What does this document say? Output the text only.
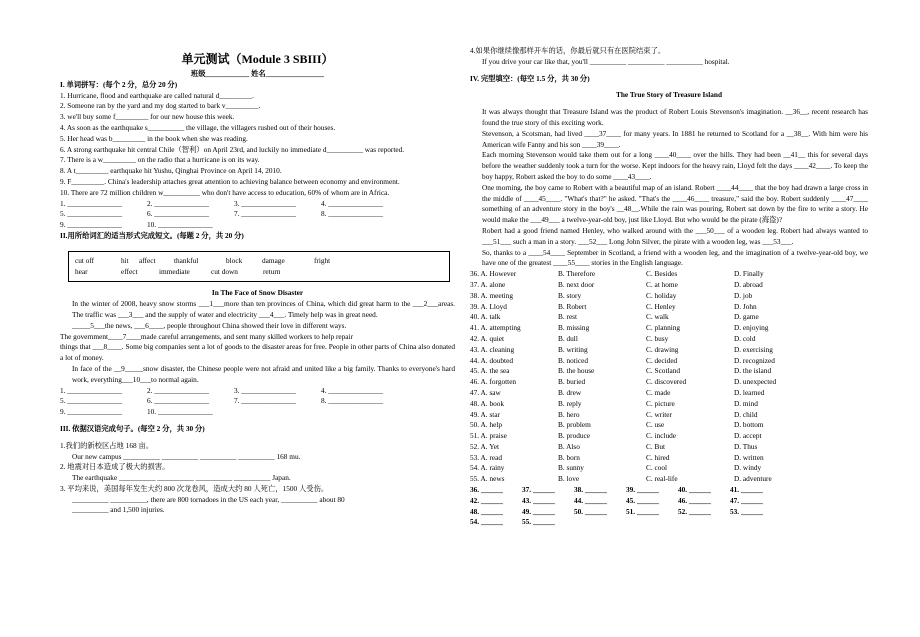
单元测试（Module 3 SBIII）
班级____________ 姓名________________
I. 单词拼写：(每个 2 分，总分 20 分)
1. Hurricane, flood and earthquake are called natural d_________.
2. Someone ran by the yard and my dog started to bark v_________.
3. we'll buy some f_________ for our new house this week.
4. As soon as the earthquake s__________ the village, the villagers rushed out of their houses.
5. Her head was b_________ in the book when she was reading.
6. A strong earthquake hit central Chile（智利）on April 23rd, and luckily no immediate d__________ was reported.
7. There is a w_________ on the radio that a hurricane is on its way.
8. A t_________ earthquake hit Yushu, Qinghai Province on April 14, 2010.
9. F_________. China's leadership attaches great attention to achieving balance between economy and environment.
10. There are 72 million children w__________ who don't have access to education, 60% of whom are in Africa.
1. _______________	2. _______________	3. _______________	4. _______________
5. _______________	6. _______________	7. _______________	8. _______________
9. _______________	10. _______________
II.用所给词汇的适当形式完成短文。(每题 2 分，共 20 分)
cut off	hit	affect	thankful	block	damage	fright
hear	effect	immediate	cut down	return
In The Face of Snow Disaster
In the winter of 2008, heavy snow storms ___1___more than ten provinces of China, which did great harm to the ___2___areas. The traffic was ___3___ and the supply of water and electricity ___4___. Timely help was in great need.
_____5___the news, ___6____, people throughout China showed their love in different ways.
The government____7____made careful arrangements, and sent many skilled workers to help repair
things that ___8____. Some big companies sent a lot of goods to the disaster areas for free. People in other parts of China also donated a lot of money.
In face of the __9_____snow disaster, the Chinese people were not afraid and united like a big family. Thanks to everyone's hard work, everything___10___to normal again.
1. _______________	2. _______________	3. _______________	4. _______________
5. _______________	6. _______________	7. _______________	8. _______________
9. _______________	10. _______________
III. 依据汉语完成句子。(每空 2 分，共 30 分)
1.我们的新校区占地 168 亩。
Our new campus __________ __________ __________ __________ 168 mu.
2. 地震对日本造成了极大的损害。
The earthquake __________ __________ __________ __________ Japan.
3. 平均来说，美国每年发生大约 800 次龙卷风，造成大约 80 人死亡，1500 人受伤。
__________ __________, there are 800 tornadoes in the US each year, __________ about 80
__________ and 1,500 injuries.
4.如果你继续像那样开车的话，你最后就只有在医院结束了。
If you drive your car like that, you'll __________ __________ __________ hospital.
IV. 完型填空：(每空 1.5 分，共 30 分)
The True Story of Treasure Island
It was always thought that Treasure Island was the product of Robert Louis Stevenson's imagination. __36__, recent research has found the true story of this exciting work.
Stevenson, a Scotsman, had lived ____37____ for many years. In 1881 he returned to Scotland for a __38__. With him were his American wife Fanny and his son ____39____.
Each morning Stevenson would take them out for a long ____40____ over the hills. They had been __41__ this for several days before the weather suddenly took a turn for the worse. Kept indoors for the heavy rain, Lloyd felt the days ____42____. To keep the boy happy, Robert asked the boy to do some ____43____.
One morning, the boy came to Robert with a beautiful map of an island. Robert ____44____ that the boy had drawn a large cross in the middle of ____45____. "What's that?" he asked. "That's the ____46____ treasure," said the boy. Robert suddenly ____47____ something of an adventure story in the boy's __48__.While the rain was pouring, Robert sat down by the fire to write a story. He would make the ___49___ a twelve-year-old boy, just like Lloyd. But who would be the pirate (海盗)?
Robert had a good friend named Henley, who walked around with the ___50___ of a wooden leg. Robert had always wanted to ___51___ such a man in a story. ___52___ Long John Silver, the pirate with a wooden leg, was ___53___.
So, thanks to a ____54____ September in Scotland, a friend with a wooden leg, and the imagination of a twelve-year-old boy, we have one of the greatest ____55____ stories in the English language.
36. A. However	B. Therefore	C. Besides	D. Finally
37. A. alone	B. next door	C. at home	D. abroad
38. A. meeting	B. story	C. holiday	D. job
39. A. Lloyd	B. Robert	C. Henley	D. John
40. A. talk	B. rest	C. walk	D. game
41. A. attempting	B. missing	C. planning	D. enjoying
42. A. quiet	B. dull	C. busy	D. cold
43. A. cleaning	B. writing	C. drawing	D. exercising
44. A. doubted	B. noticed	C. decided	D. recognized
45. A. the sea	B. the house	C. Scotland	D. the island
46. A. forgotten	B. buried	C. discovered	D. unexpected
47. A. saw	B. drew	C. made	D. learned
48. A. book	B. reply	C. picture	D. mind
49. A. star	B. hero	C. writer	D. child
50. A. help	B. problem	C. use	D. bottom
51. A. praise	B. produce	C. include	D. accept
52. A. Yet	B. Also	C. But	D. Thus
53. A. read	B. born	C. hired	D. written
54. A. rainy	B. sunny	C. cool	D. windy
55. A. news	B. love	C. real-life	D. adventure
36. ______	37. ______	38. ______	39. ______	40. ______	41. ______
42. ______	43. ______	44. ______	45. ______	46. ______	47. ______
48. ______	49. ______	50. ______	51. ______	52. ______	53. ______
54. ______	55. ______
